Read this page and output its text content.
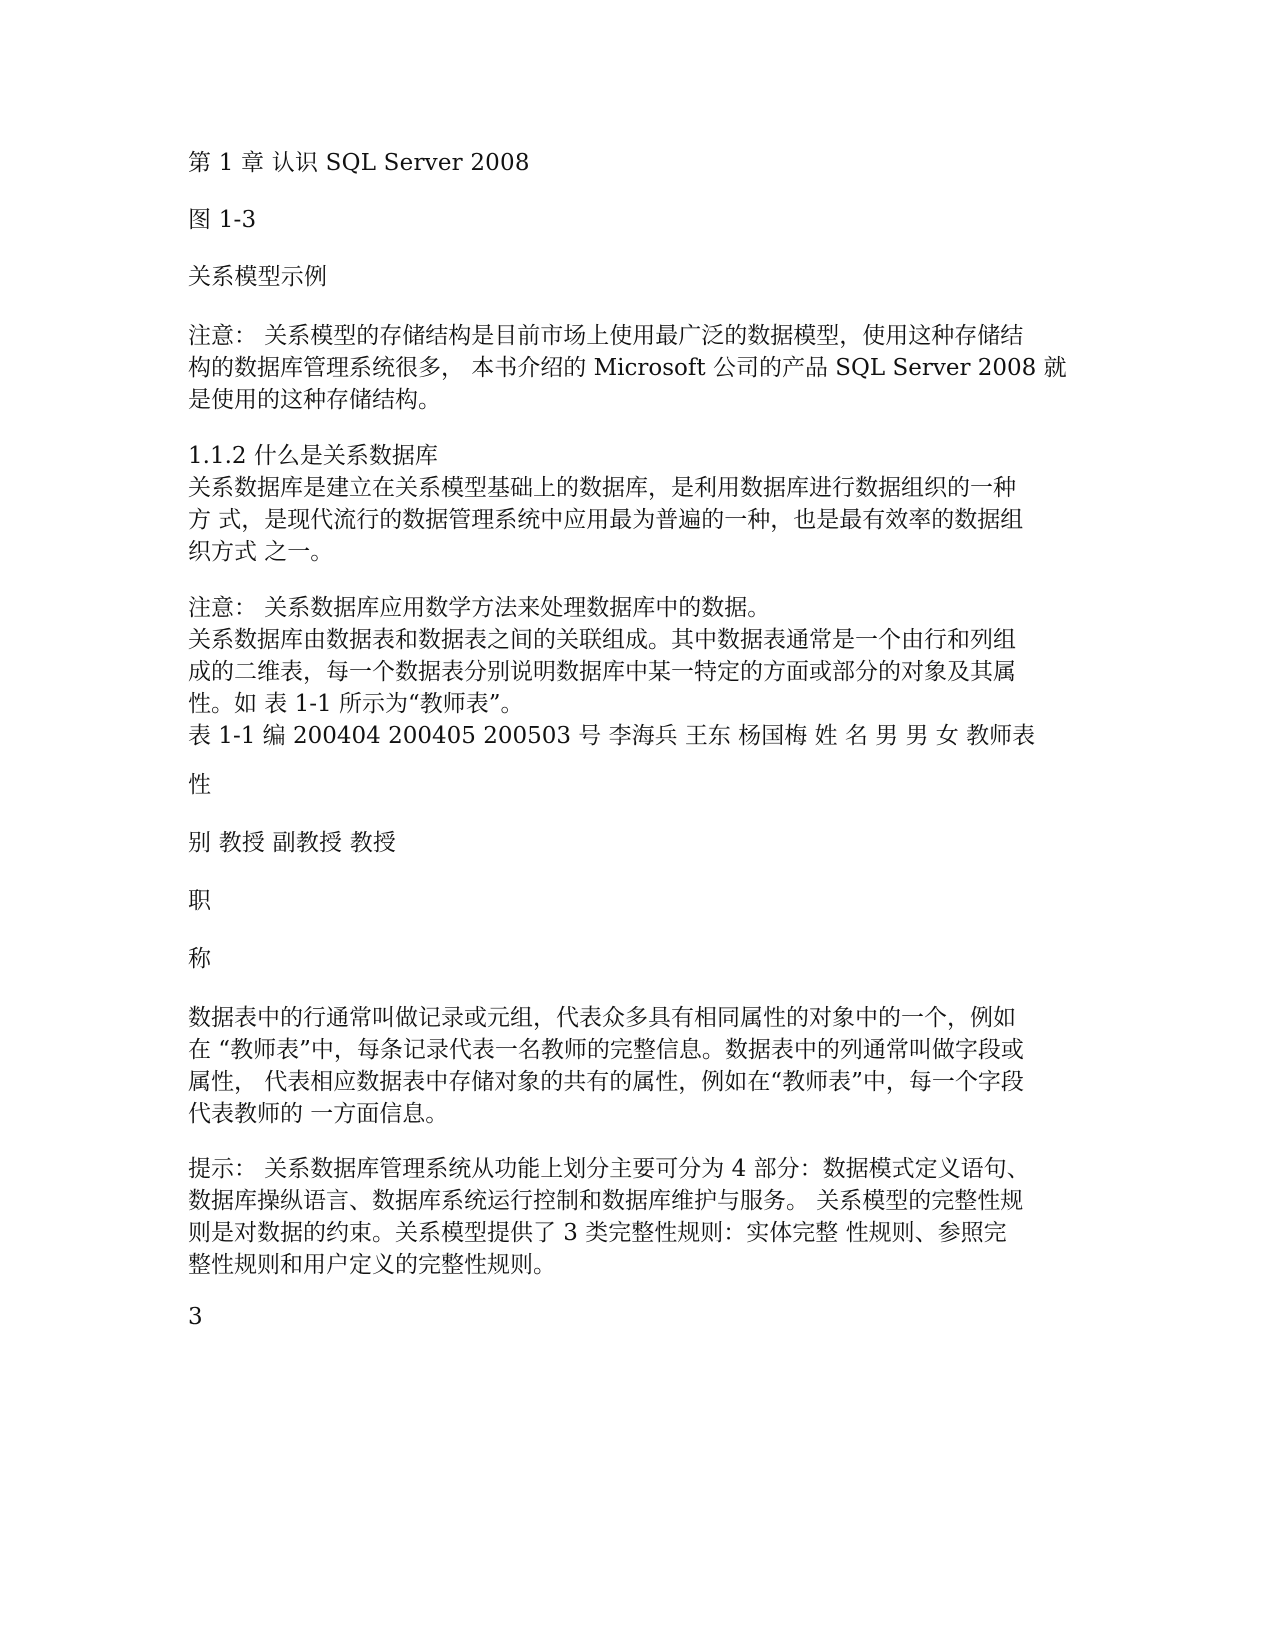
第 1 章 认识 SQL Server 2008

图 1-3

关系模型示例

注意： 关系模型的存储结构是目前市场上使用最广泛的数据模型，使用这种存储结
构的数据库管理系统很多， 本书介绍的 Microsoft 公司的产品 SQL Server 2008 就
是使用的这种存储结构。
1.1.2 什么是关系数据库
关系数据库是建立在关系模型基础上的数据库，是利用数据库进行数据组织的一种
方 式，是现代流行的数据管理系统中应用最为普遍的一种，也是最有效率的数据组
织方式 之一。
注意： 关系数据库应用数学方法来处理数据库中的数据。
关系数据库由数据表和数据表之间的关联组成。其中数据表通常是一个由行和列组
成的二维表，每一个数据表分别说明数据库中某一特定的方面或部分的对象及其属
性。如 表 1-1 所示为“教师表”。
表 1-1 编 200404 200405 200503 号 李海兵 王东 杨国梅 姓 名 男 男 女 教师表

性

别 教授 副教授 教授

职

称

数据表中的行通常叫做记录或元组，代表众多具有相同属性的对象中的一个，例如
在 “教师表”中，每条记录代表一名教师的完整信息。数据表中的列通常叫做字段或
属性， 代表相应数据表中存储对象的共有的属性，例如在“教师表”中，每一个字段
代表教师的 一方面信息。
提示： 关系数据库管理系统从功能上划分主要可分为 4 部分：数据模式定义语句、
数据库操纵语言、数据库系统运行控制和数据库维护与服务。 关系模型的完整性规
则是对数据的约束。关系模型提供了 3 类完整性规则：实体完整 性规则、参照完
整性规则和用户定义的完整性规则。

3
